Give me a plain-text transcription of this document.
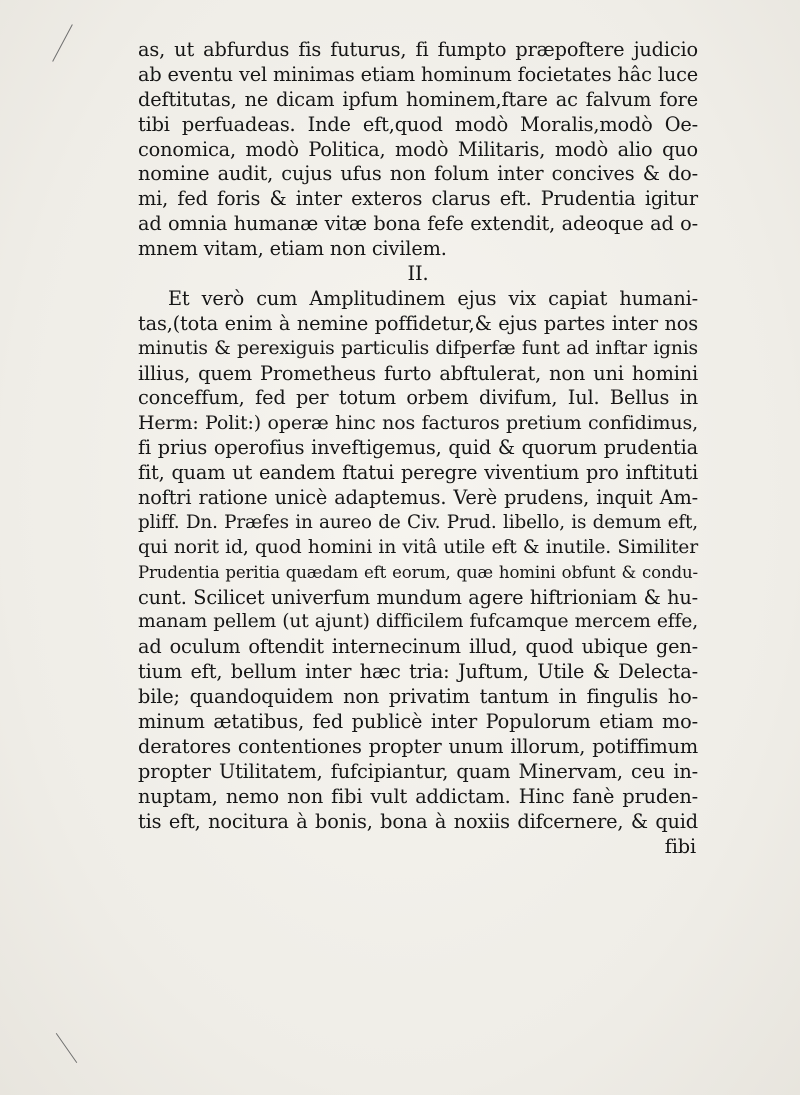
as, ut abfurdus fis futurus, fi fumpto præpoftere judicio
ab eventu vel minimas etiam hominum focietates hâc luce
deftitutas, ne dicam ipfum hominem,ftare ac falvum fore
tibi perfuadeas. Inde eft,quod modò Moralis,modò Oe-
conomica, modò Politica, modò Militaris, modò alio quo
nomine audit, cujus ufus non folum inter concives & do-
mi, fed foris & inter exteros clarus eft. Prudentia igitur
ad omnia humanæ vitæ bona fefe extendit, adeoque ad o-
mnem vitam, etiam non civilem.
II.
Et verò cum Amplitudinem ejus vix capiat humani-
tas,(tota enim à nemine poffidetur,& ejus partes inter nos
minutis & perexiguis particulis difperfæ funt ad inftar ignis
illius, quem Prometheus furto abftulerat, non uni homini
conceffum, fed per totum orbem divifum, Iul. Bellus in
Herm: Polit:) operæ hinc nos facturos pretium confidimus,
fi prius operofius inveftigemus, quid & quorum prudentia
fit, quam ut eandem ftatui peregre viventium pro inftituti
noftri ratione unicè adaptemus. Verè prudens, inquit Am-
pliff. Dn. Præfes in aureo de Civ. Prud. libello, is demum eft,
qui norit id, quod homini in vitâ utile eft & inutile. Similiter
Prudentia peritia quædam eft eorum, quæ homini obfunt & condu-
cunt. Scilicet univerfum mundum agere hiftrioniam & hu-
manam pellem (ut ajunt) difficilem fufcamque mercem effe,
ad oculum oftendit internecinum illud, quod ubique gen-
tium eft, bellum inter hæc tria: Juftum, Utile & Delecta-
bile; quandoquidem non privatim tantum in fingulis ho-
minum ætatibus, fed publicè inter Populorum etiam mo-
deratores contentiones propter unum illorum, potiffimum
propter Utilitatem, fufcipiantur, quam Minervam, ceu in-
nuptam, nemo non fibi vult addictam. Hinc fanè pruden-
tis eft, nocitura à bonis, bona à noxiis difcernere, & quid
fibi
